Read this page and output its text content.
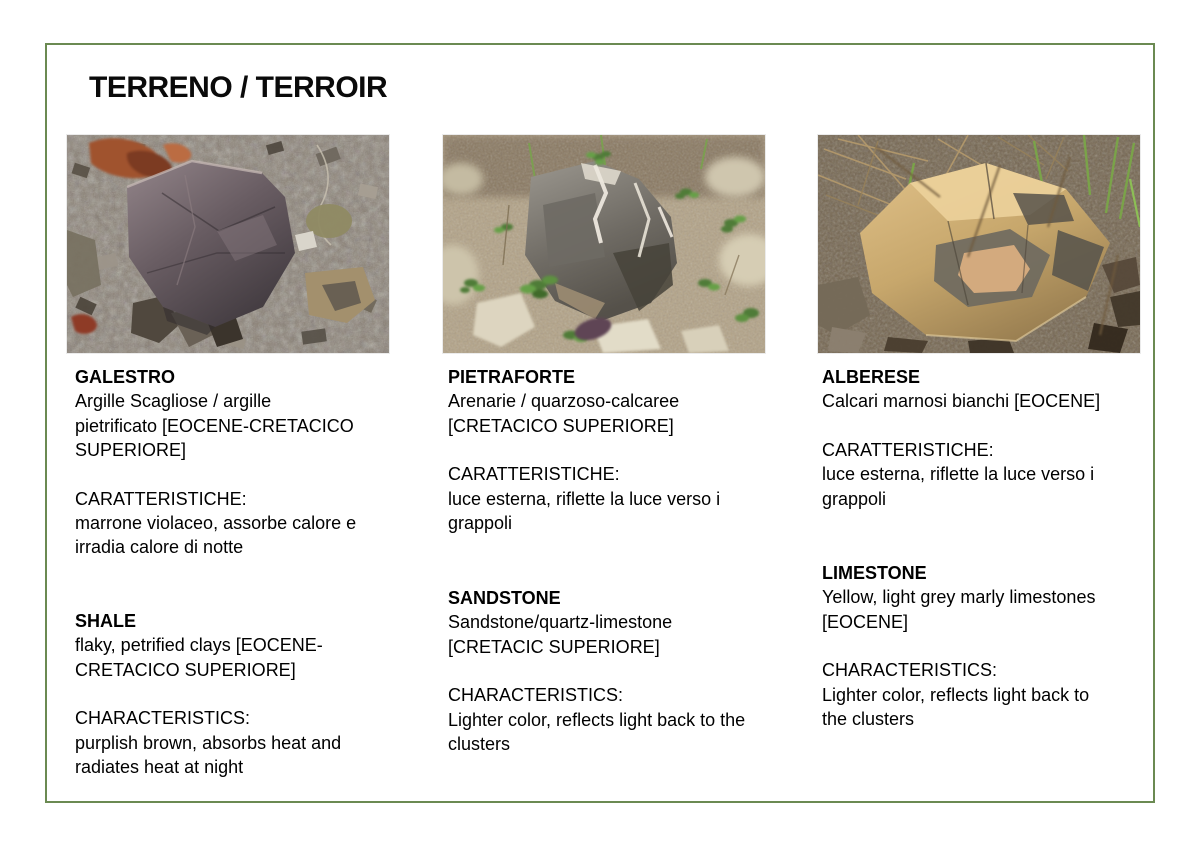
TERRENO / TERROIR
GALESTRO
Argille Scagliose / argille
pietrificato [EOCENE-CRETACICO
SUPERIORE]
CARATTERISTICHE:
marrone violaceo, assorbe calore e
irradia calore di notte
SHALE
flaky, petrified clays [EOCENE-
CRETACICO SUPERIORE]
CHARACTERISTICS:
purplish brown, absorbs heat and
radiates heat at night
PIETRAFORTE
Arenarie / quarzoso-calcaree
[CRETACICO SUPERIORE]
CARATTERISTICHE:
luce esterna, riflette la luce verso i
grappoli
SANDSTONE
Sandstone/quartz-limestone
[CRETACIC SUPERIORE]
CHARACTERISTICS:
Lighter color, reflects light back to the
clusters
ALBERESE
Calcari marnosi bianchi [EOCENE]
CARATTERISTICHE:
luce esterna, riflette la luce verso i
grappoli
LIMESTONE
Yellow, light grey marly limestones
[EOCENE]
CHARACTERISTICS:
Lighter color, reflects light back to
the clusters
